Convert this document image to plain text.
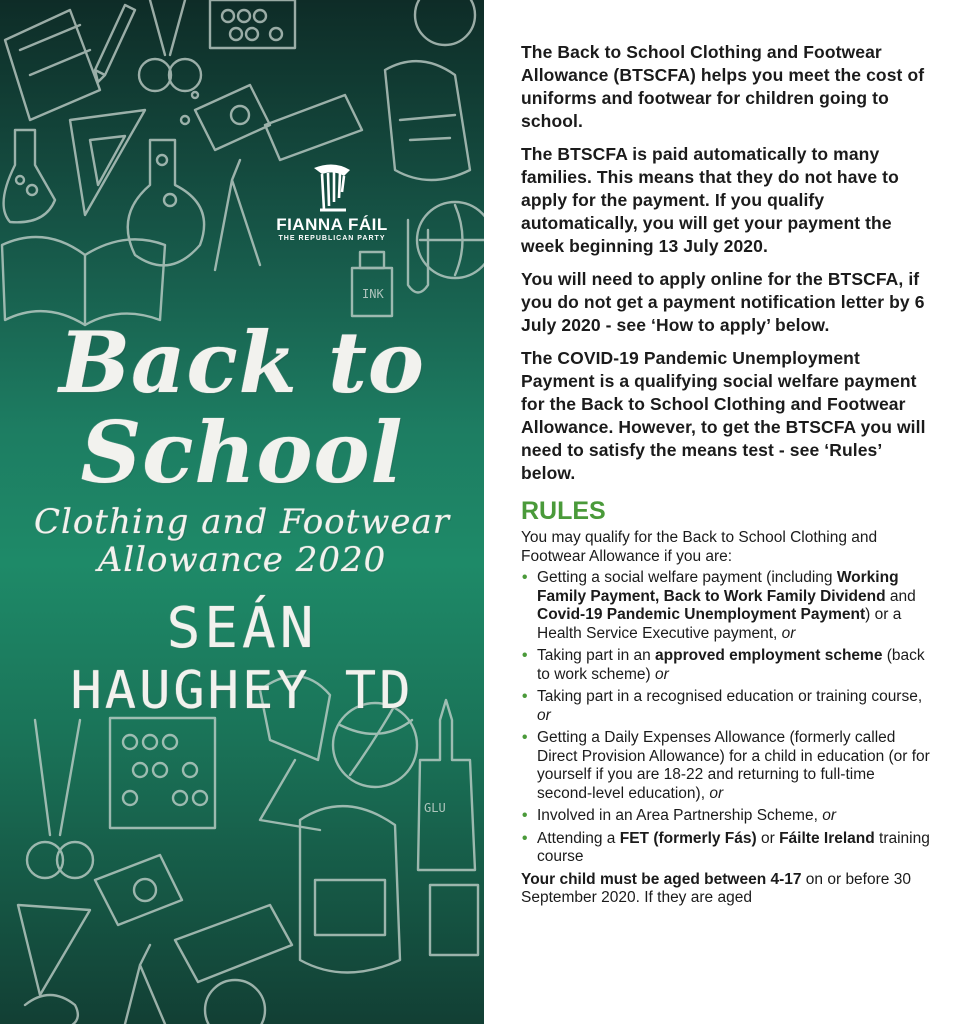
INK
GLU
FIANNA FÁIL
THE REPUBLICAN PARTY
Back to
School
Clothing and Footwear
Allowance 2020
SEÁN
HAUGHEY TD

The Back to School Clothing and Footwear Allowance (BTSCFA) helps you meet the cost of uniforms and footwear for children going to school.

The BTSCFA is paid automatically to many families. This means that they do not have to apply for the payment. If you qualify automatically, you will get your payment the week beginning 13 July 2020.

You will need to apply online for the BTSCFA, if you do not get a payment notification letter by 6 July 2020 - see ‘How to apply’ below.

The COVID-19 Pandemic Unemployment Payment is a qualifying social welfare payment for the Back to School Clothing and Footwear Allowance. However, to get the BTSCFA you will need to satisfy the means test - see ‘Rules’ below.

RULES

You may qualify for the Back to School Clothing and Footwear Allowance if you are:

• Getting a social welfare payment (including Working Family Payment, Back to Work Family Dividend and Covid-19 Pandemic Unemployment Payment) or a Health Service Executive payment, or
• Taking part in an approved employment scheme (back to work scheme) or
• Taking part in a recognised education or training course, or
• Getting a Daily Expenses Allowance (formerly called Direct Provision Allowance) for a child in education (or for yourself if you are 18-22 and returning to full-time second-level education), or
• Involved in an Area Partnership Scheme, or
• Attending a FET (formerly Fás) or Fáilte Ireland training course

Your child must be aged between 4-17 on or before 30 September 2020. If they are aged
